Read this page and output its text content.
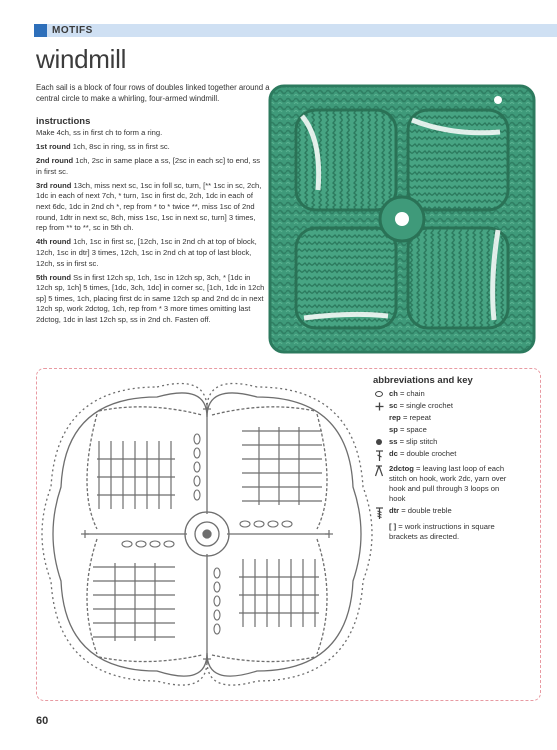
MOTIFS
windmill
Each sail is a block of four rows of doubles linked together around a central circle to make a whirling, four-armed windmill.
instructions

Make 4ch, ss in first ch to form a ring.

1st round 1ch, 8sc in ring, ss in first sc.

2nd round 1ch, 2sc in same place a ss, [2sc in each sc] to end, ss in first sc.

3rd round 13ch, miss next sc, 1sc in foll sc, turn, [** 1sc in sc, 2ch, 1dc in each of next 7ch, * turn, 1sc in first dc, 2ch, 1dc in each of next 6dc, 1dc in 2nd ch *, rep from * to * twice **, miss 1sc of 2nd round, 1dtr in next sc, 8ch, miss 1sc, 1sc in next sc, turn] 3 times, rep from ** to **, sc in 5th ch.

4th round 1ch, 1sc in first sc, [12ch, 1sc in 2nd ch at top of block, 12ch, 1sc in dtr] 3 times, 12ch, 1sc in 2nd ch at top of last block, 12ch, ss in first sc.

5th round Ss in first 12ch sp, 1ch, 1sc in 12ch sp, 3ch, * [1dc in 12ch sp, 1ch] 5 times, [1dc, 3ch, 1dc] in corner sc, [1ch, 1dc in 12ch sp] 5 times, 1ch, placing first dc in same 12ch sp and 2nd dc in next 12ch sp, work 2dctog, 1ch, rep from * 3 more times omitting last 2dctog, 1dc in last 12ch sp, ss in 2nd ch. Fasten off.

abbreviations and key
ch = chain
sc = single crochet
rep = repeat
sp = space
ss = slip stitch
dc = double crochet
2dctog = leaving last loop of each stitch on hook, work 2dc, yarn over hook and pull through 3 loops on hook
dtr = double treble
[ ] = work instructions in square brackets as directed.
60
